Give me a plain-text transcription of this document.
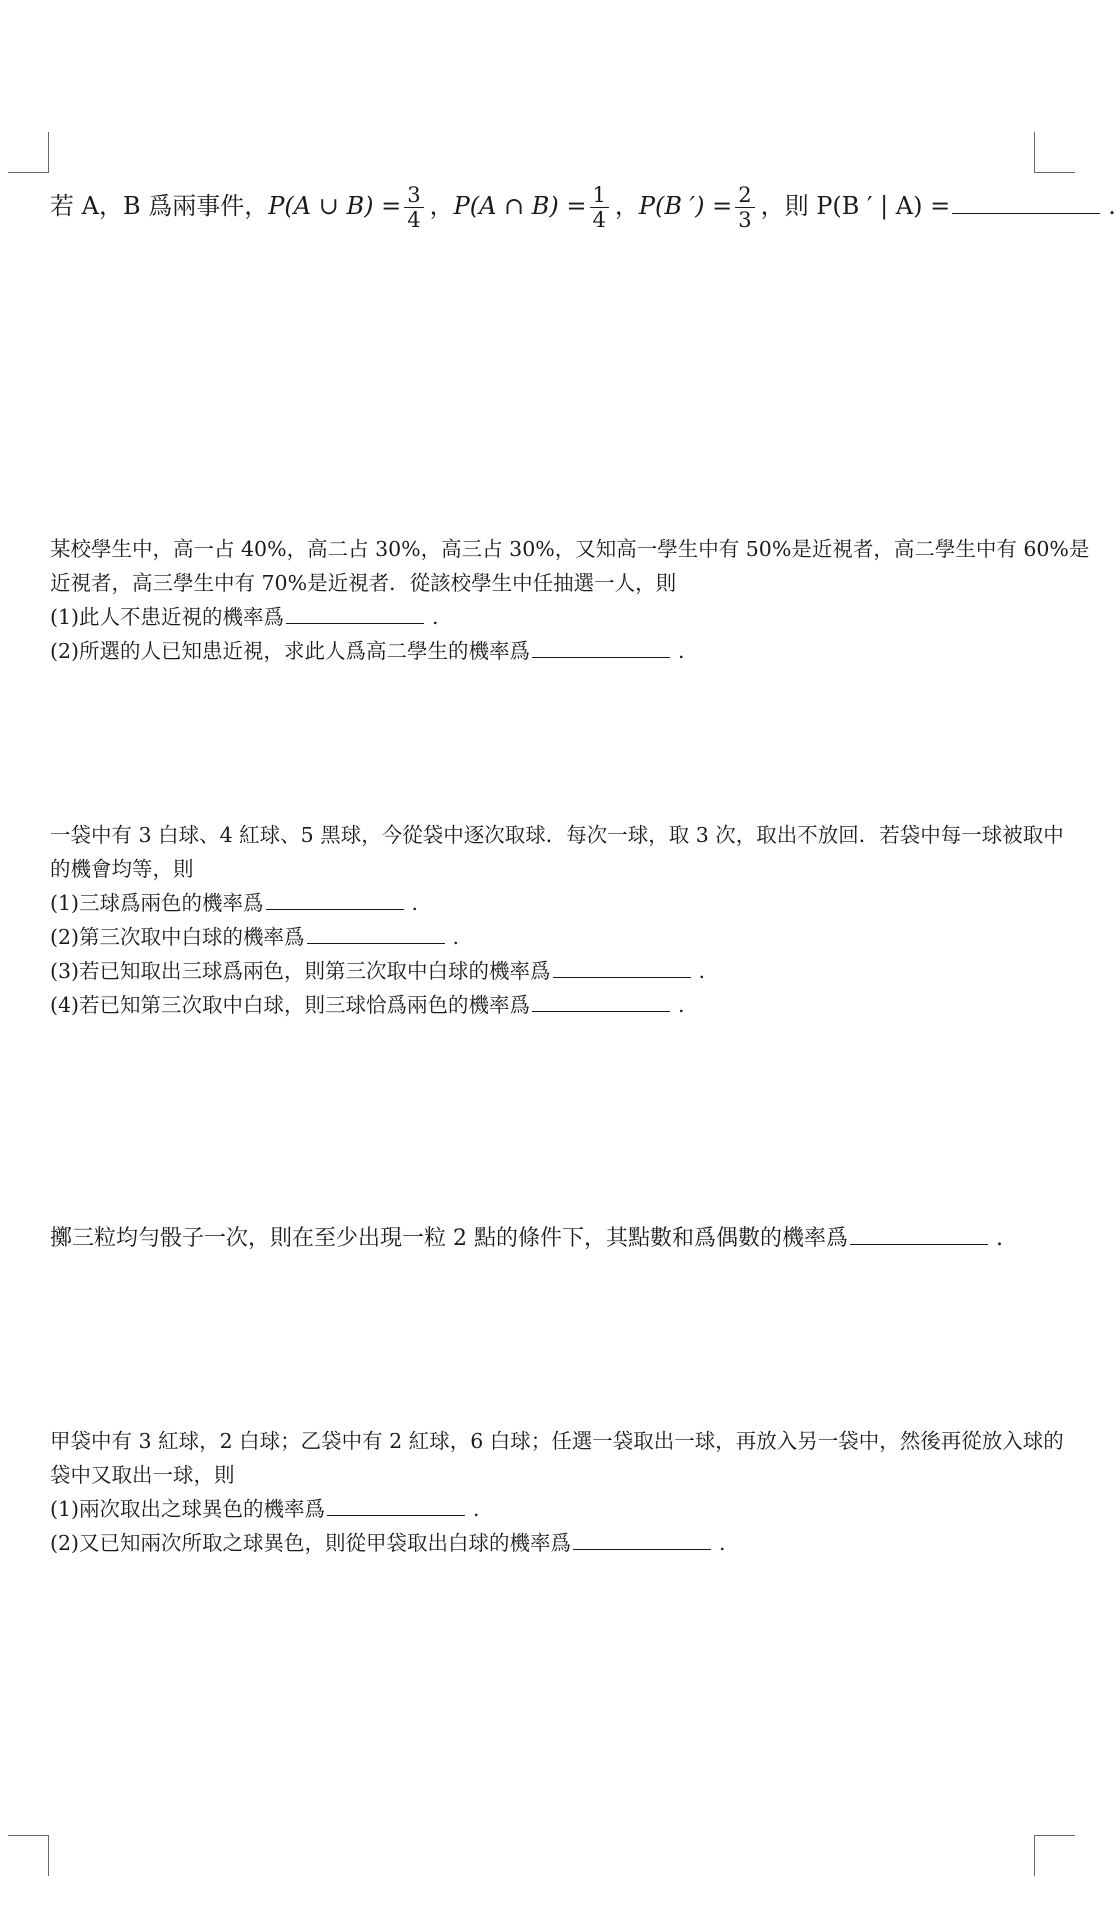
若 A，B 爲兩事件，P(A ∪ $B) = \frac{3}{4}$ ，P(A ∩ $B) = \frac{1}{4}$ ，P(B ′) = $\frac{2}{3}$ ，則 P(B ′ | A) =	.
某校學生中，高一占 40%，高二占 30%，高三占 30%，又知高一學生中有 50%是近視者，高二學生中有 60%是
近視者，高三學生中有 70%是近視者．從該校學生中任抽選一人，則
(1)此人不患近視的機率爲	.
(2)所選的人已知患近視，求此人爲高二學生的機率爲	.
一袋中有 3 白球、4 紅球、5 黑球，今從袋中逐次取球．每次一球，取 3 次，取出不放回．若袋中每一球被取中
的機會均等，則
(1)三球爲兩色的機率爲	.
(2)第三次取中白球的機率爲	.
(3)若已知取出三球爲兩色，則第三次取中白球的機率爲	.
(4)若已知第三次取中白球，則三球恰爲兩色的機率爲	.
擲三粒均勻骰子一次，則在至少出現一粒 2 點的條件下，其點數和爲偶數的機率爲	.
甲袋中有 3 紅球，2 白球；乙袋中有 2 紅球，6 白球；任選一袋取出一球，再放入另一袋中，然後再從放入球的
袋中又取出一球，則
(1)兩次取出之球異色的機率爲	.
(2)又已知兩次所取之球異色，則從甲袋取出白球的機率爲	.
